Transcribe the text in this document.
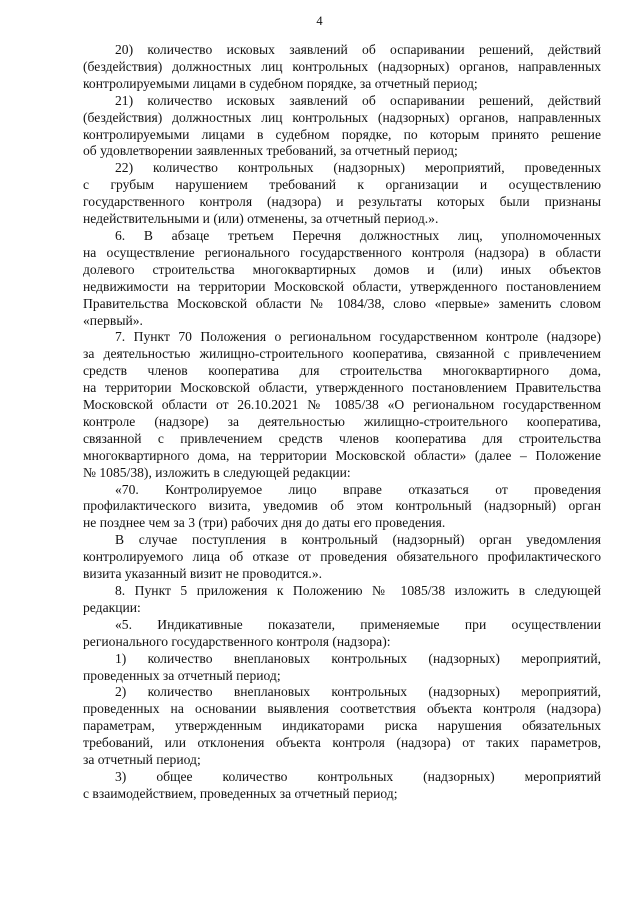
4
20) количество исковых заявлений об оспаривании решений, действий
(бездействия) должностных лиц контрольных (надзорных) органов, направленных
контролируемыми лицами в судебном порядке, за отчетный период;
21) количество исковых заявлений об оспаривании решений, действий
(бездействия) должностных лиц контрольных (надзорных) органов, направленных
контролируемыми лицами в судебном порядке, по которым принято решение
об удовлетворении заявленных требований, за отчетный период;
22) количество контрольных (надзорных) мероприятий, проведенных
с грубым нарушением требований к организации и осуществлению
государственного контроля (надзора) и результаты которых были признаны
недействительными и (или) отменены, за отчетный период.».
6. В абзаце третьем Перечня должностных лиц, уполномоченных
на осуществление регионального государственного контроля (надзора) в области
долевого строительства многоквартирных домов и (или) иных объектов
недвижимости на территории Московской области, утвержденного постановлением
Правительства Московской области № 1084/38, слово «первые» заменить словом
«первый».
7. Пункт 70 Положения о региональном государственном контроле (надзоре)
за деятельностью жилищно-строительного кооператива, связанной с привлечением
средств членов кооператива для строительства многоквартирного дома,
на территории Московской области, утвержденного постановлением Правительства
Московской области от 26.10.2021 № 1085/38 «О региональном государственном
контроле (надзоре) за деятельностью жилищно-строительного кооператива,
связанной с привлечением средств членов кооператива для строительства
многоквартирного дома, на территории Московской области» (далее – Положение
№ 1085/38), изложить в следующей редакции:
«70. Контролируемое лицо вправе отказаться от проведения
профилактического визита, уведомив об этом контрольный (надзорный) орган
не позднее чем за 3 (три) рабочих дня до даты его проведения.
В случае поступления в контрольный (надзорный) орган уведомления
контролируемого лица об отказе от проведения обязательного профилактического
визита указанный визит не проводится.».
8. Пункт 5 приложения к Положению № 1085/38 изложить в следующей
редакции:
«5. Индикативные показатели, применяемые при осуществлении
регионального государственного контроля (надзора):
1) количество внеплановых контрольных (надзорных) мероприятий,
проведенных за отчетный период;
2) количество внеплановых контрольных (надзорных) мероприятий,
проведенных на основании выявления соответствия объекта контроля (надзора)
параметрам, утвержденным индикаторами риска нарушения обязательных
требований, или отклонения объекта контроля (надзора) от таких параметров,
за отчетный период;
3) общее количество контрольных (надзорных) мероприятий
с взаимодействием, проведенных за отчетный период;
